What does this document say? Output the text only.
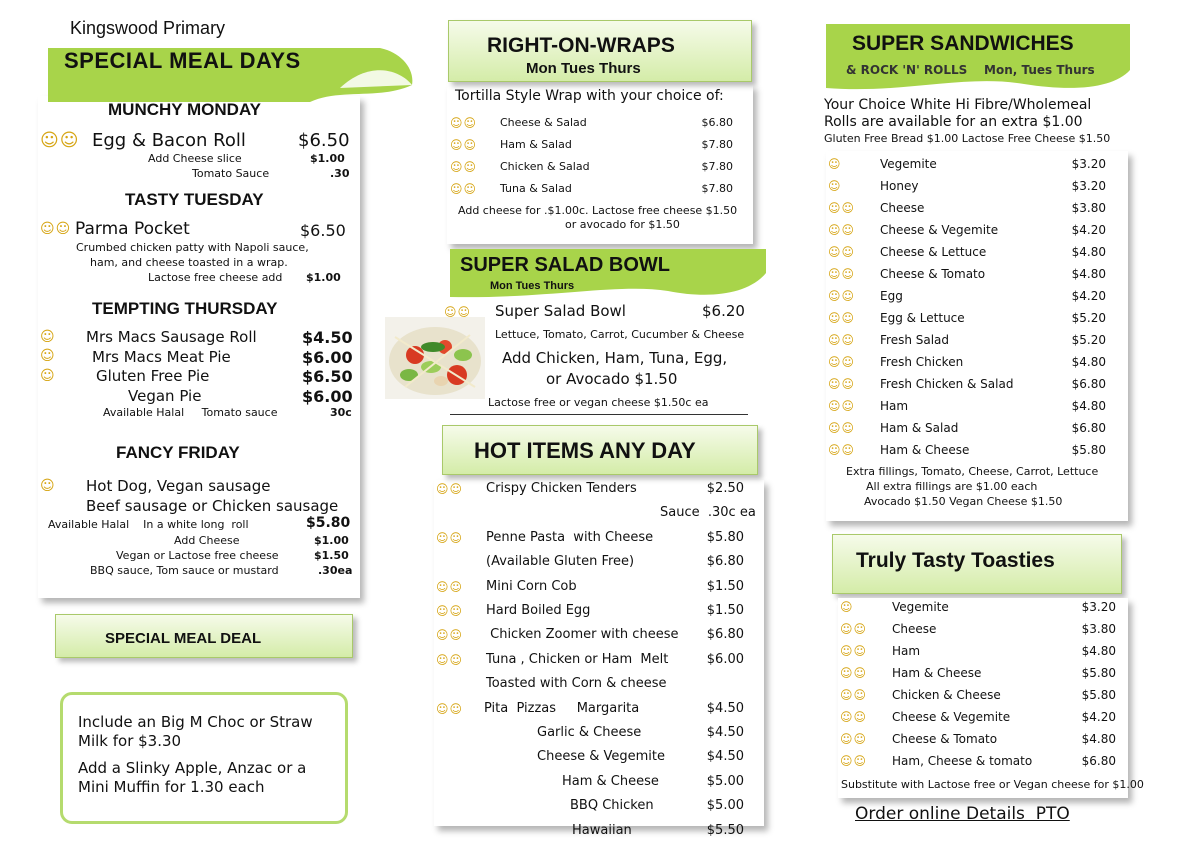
Kingswood Primary
SPECIAL MEAL DAYS
MUNCHY MONDAY
☺☺ Egg & Bacon Roll	$6.50
Add Cheese slice	$1.00
Tomato Sauce	.30
TASTY TUESDAY
☺☺ Parma Pocket	$6.50
Crumbed chicken patty with Napoli sauce,
ham, and cheese toasted in a wrap.
Lactose free cheese add $1.00
TEMPTING THURSDAY
☺ Mrs Macs Sausage Roll	$4.50
☺ Mrs Macs Meat Pie	$6.00
☺	Gluten Free Pie	$6.50
Vegan Pie	$6.00
Available Halal     Tomato sauce	30c
FANCY FRIDAY
☺ Hot Dog, Vegan sausage
Beef sausage or Chicken sausage
Available Halal    In a white long  roll	$5.80
Add Cheese	$1.00
Vegan or Lactose free cheese	$1.50
BBQ sauce, Tom sauce or mustard	.30ea
SPECIAL MEAL DEAL
Include an Big M Choc or Straw Milk for $3.30
Add a Slinky Apple, Anzac or a Mini Muffin for 1.30 each
RIGHT-ON-WRAPS
Mon Tues Thurs
Tortilla Style Wrap with your choice of:
☺☺ Cheese & Salad	$6.80
☺☺ Ham & Salad	$7.80
☺☺ Chicken & Salad	$7.80
☺☺ Tuna & Salad	$7.80
Add cheese for .$1.00c. Lactose free cheese $1.50
or avocado for $1.50
SUPER SALAD BOWL
Mon Tues Thurs
☺☺ Super Salad Bowl	$6.20
Lettuce, Tomato, Carrot, Cucumber & Cheese
Add Chicken, Ham, Tuna, Egg,
or Avocado $1.50
Lactose free or vegan cheese $1.50c ea
HOT ITEMS ANY DAY
☺☺ Crispy Chicken Tenders	$2.50
Sauce  .30c ea
☺☺ Penne Pasta  with Cheese	$5.80
(Available Gluten Free)	$6.80
☺☺ Mini Corn Cob	$1.50
☺☺ Hard Boiled Egg	$1.50
☺☺ Chicken Zoomer with cheese $6.80
☺☺ Tuna , Chicken or Ham  Melt	$6.00
Toasted with Corn & cheese
☺☺ Pita  Pizzas     Margarita	$4.50
Garlic & Cheese	$4.50
Cheese & Vegemite	$4.50
Ham & Cheese	$5.00
BBQ Chicken	$5.00
Hawaiian	$5.50
SUPER SANDWICHES
& ROCK 'N' ROLLS    Mon, Tues Thurs
Your Choice White Hi Fibre/Wholemeal
Rolls are available for an extra $1.00
Gluten Free Bread $1.00 Lactose Free Cheese $1.50
☺	Vegemite	$3.20
☺	Honey	$3.20
☺☺ Cheese	$3.80
☺☺ Cheese & Vegemite	$4.20
☺☺ Cheese & Lettuce	$4.80
☺☺ Cheese & Tomato	$4.80
☺☺ Egg	$4.20
☺☺ Egg & Lettuce	$5.20
☺☺ Fresh Salad	$5.20
☺☺ Fresh Chicken	$4.80
☺☺ Fresh Chicken & Salad	$6.80
☺☺ Ham	$4.80
☺☺ Ham & Salad	$6.80
☺☺ Ham & Cheese	$5.80
Extra fillings, Tomato, Cheese, Carrot, Lettuce
All extra fillings are $1.00 each
Avocado $1.50 Vegan Cheese $1.50
Truly Tasty Toasties
☺	Vegemite	$3.20
☺☺ Cheese	$3.80
☺☺ Ham	$4.80
☺☺ Ham & Cheese	$5.80
☺☺ Chicken & Cheese	$5.80
☺☺ Cheese & Vegemite	$4.20
☺☺ Cheese & Tomato	$4.80
☺☺ Ham, Cheese & tomato	$6.80
Substitute with Lactose free or Vegan cheese for $1.00
Order online Details  PTO
